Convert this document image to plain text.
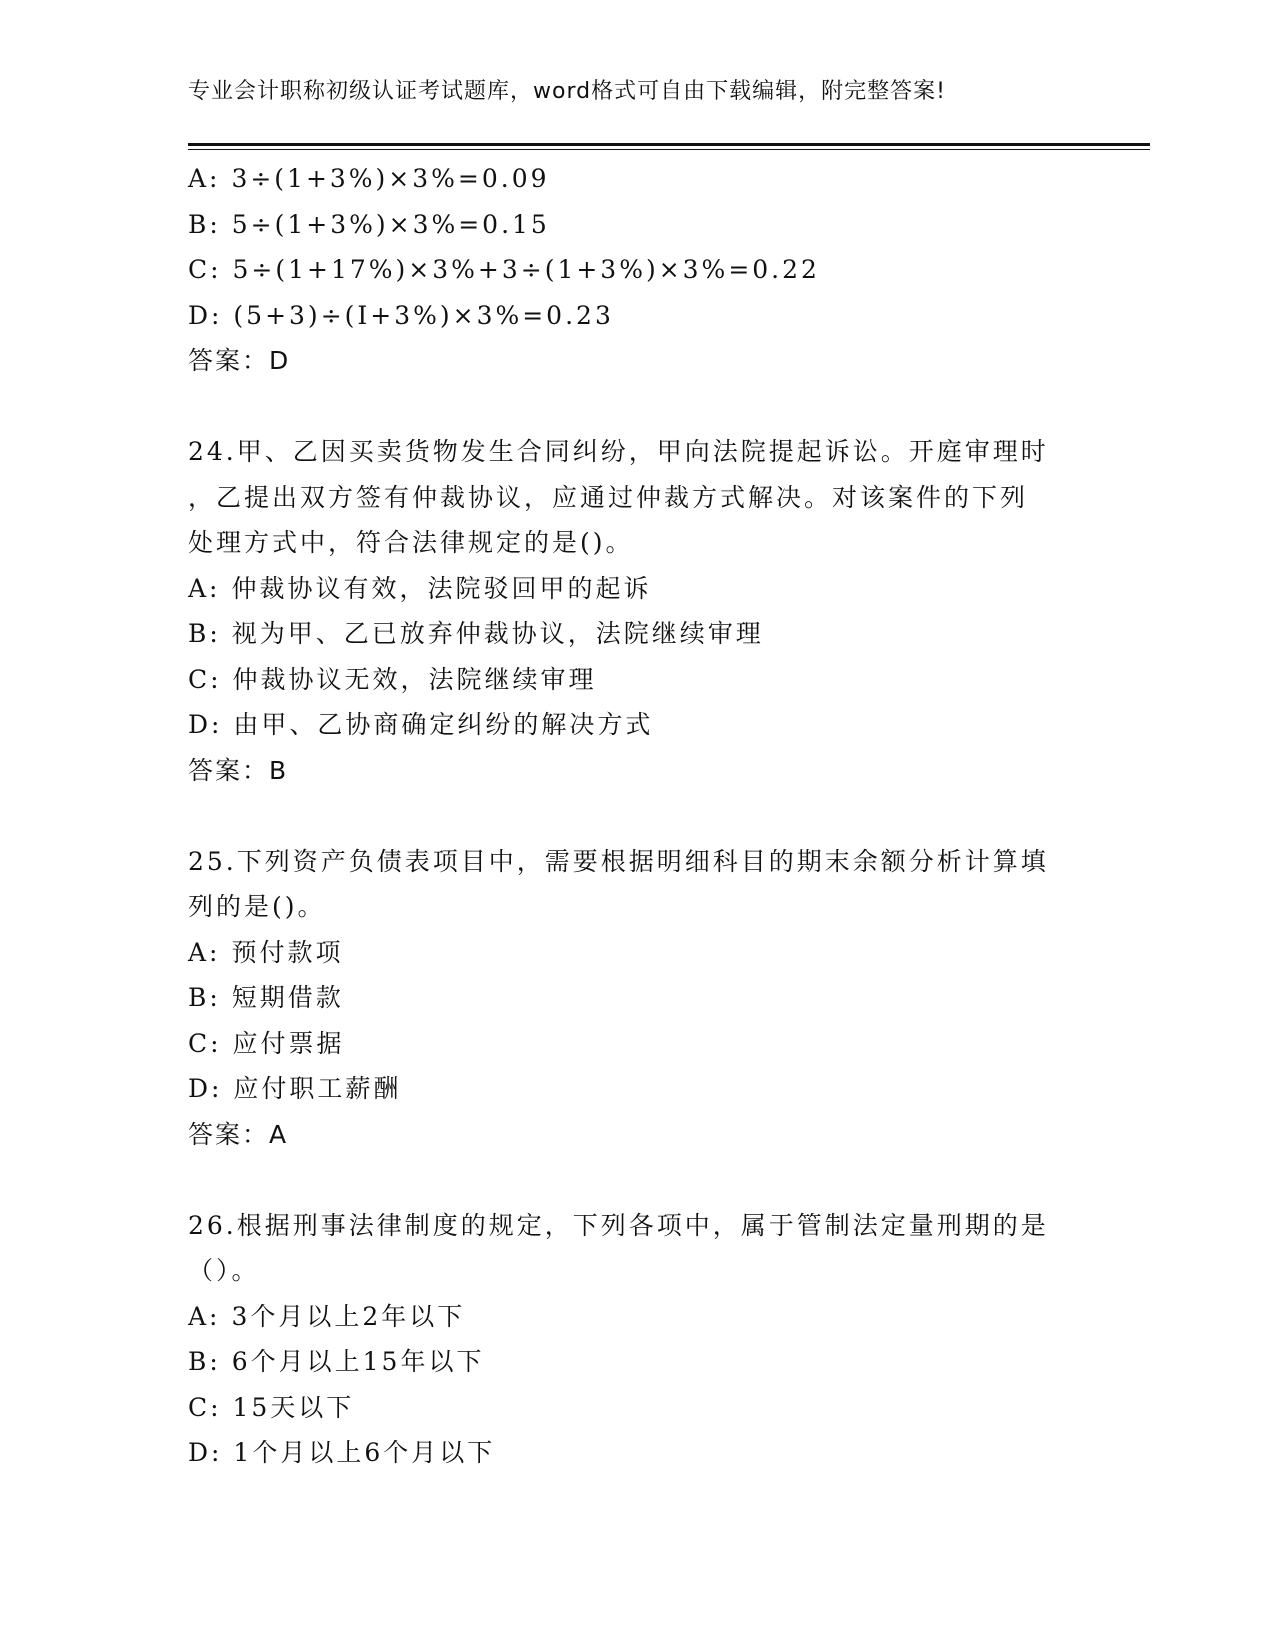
专业会计职称初级认证考试题库，word格式可自由下载编辑，附完整答案!
A: 3÷(1+3%)×3%=0.09
B: 5÷(1+3%)×3%=0.15
C: 5÷(1+17%)×3%+3÷(1+3%)×3%=0.22
D: (5+3)÷(I+3%)×3%=0.23
答案：D
24.甲、乙因买卖货物发生合同纠纷，甲向法院提起诉讼。开庭审理时
，乙提出双方签有仲裁协议，应通过仲裁方式解决。对该案件的下列
处理方式中，符合法律规定的是()。
A: 仲裁协议有效，法院驳回甲的起诉
B: 视为甲、乙已放弃仲裁协议，法院继续审理
C: 仲裁协议无效，法院继续审理
D: 由甲、乙协商确定纠纷的解决方式
答案：B
25.下列资产负债表项目中，需要根据明细科目的期末余额分析计算填
列的是()。
A: 预付款项
B: 短期借款
C: 应付票据
D: 应付职工薪酬
答案：A
26.根据刑事法律制度的规定，下列各项中，属于管制法定量刑期的是
（）。
A: 3个月以上2年以下
B: 6个月以上15年以下
C: 15天以下
D: 1个月以上6个月以下
